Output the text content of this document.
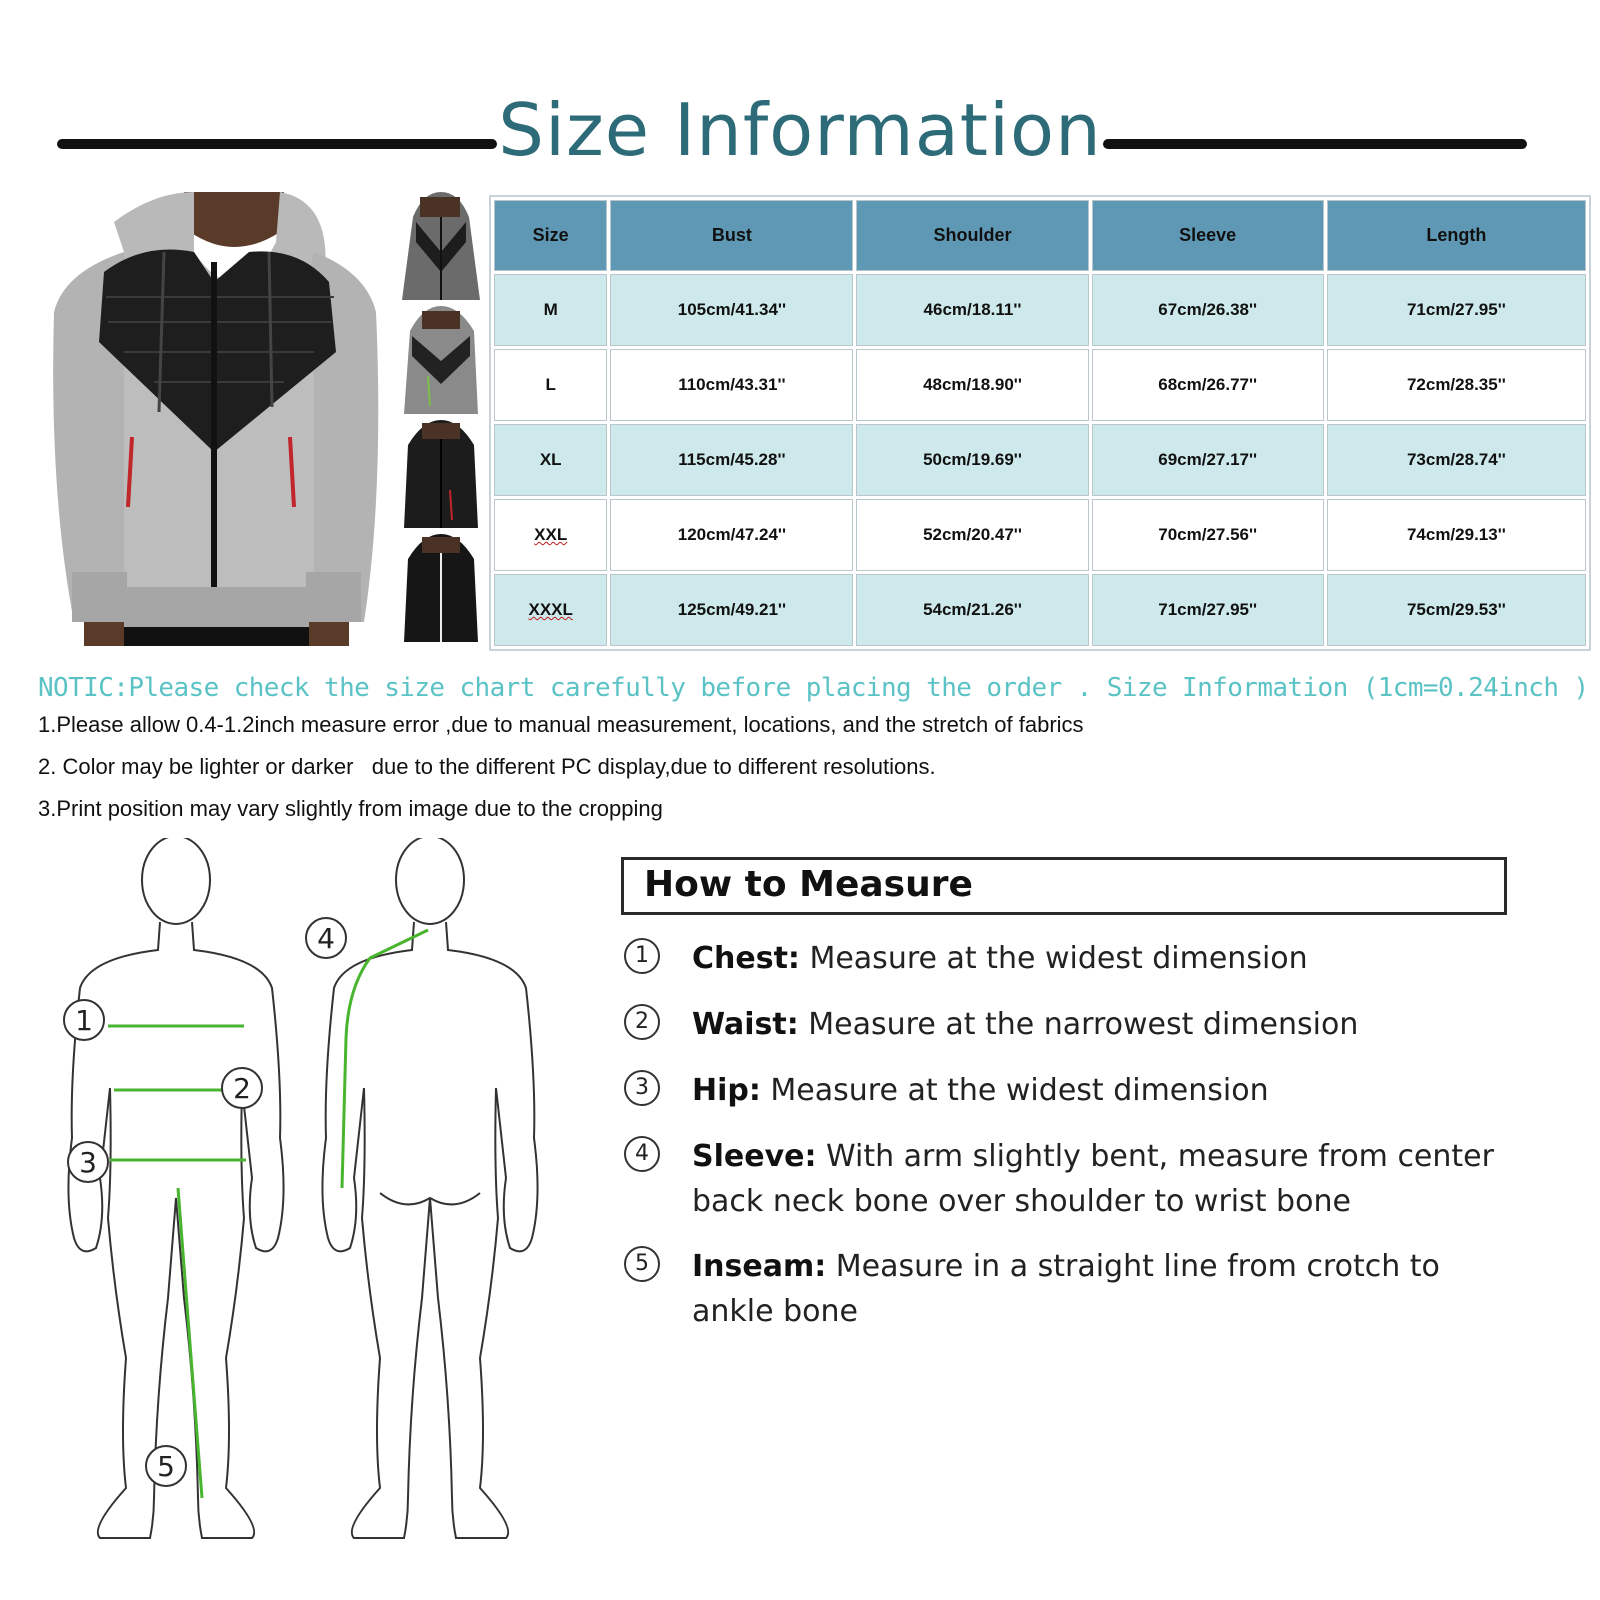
Size Information
Size	Bust	Shoulder	Sleeve	Length
M	105cm/41.34''	46cm/18.11''	67cm/26.38''	71cm/27.95''
L	110cm/43.31''	48cm/18.90''	68cm/26.77''	72cm/28.35''
XL	115cm/45.28''	50cm/19.69''	69cm/27.17''	73cm/28.74''
XXL	120cm/47.24''	52cm/20.47''	70cm/27.56''	74cm/29.13''
XXXL	125cm/49.21''	54cm/21.26''	71cm/27.95''	75cm/29.53''
NOTIC:Please check the size chart carefully before placing the order . Size Information (1cm=0.24inch )
1.Please allow 0.4-1.2inch measure error ,due to manual measurement, locations, and the stretch of fabrics
2. Color may be lighter or darker   due to the different PC display,due to different resolutions.
3.Print position may vary slightly from image due to the cropping
1
2
3
4
5
How to Measure
1	Chest: Measure at the widest dimension
2	Waist: Measure at the narrowest dimension
3	Hip: Measure at the widest dimension
4	Sleeve: With arm slightly bent, measure from center back neck bone over shoulder to wrist bone
5	Inseam: Measure in a straight line from crotch to ankle bone
